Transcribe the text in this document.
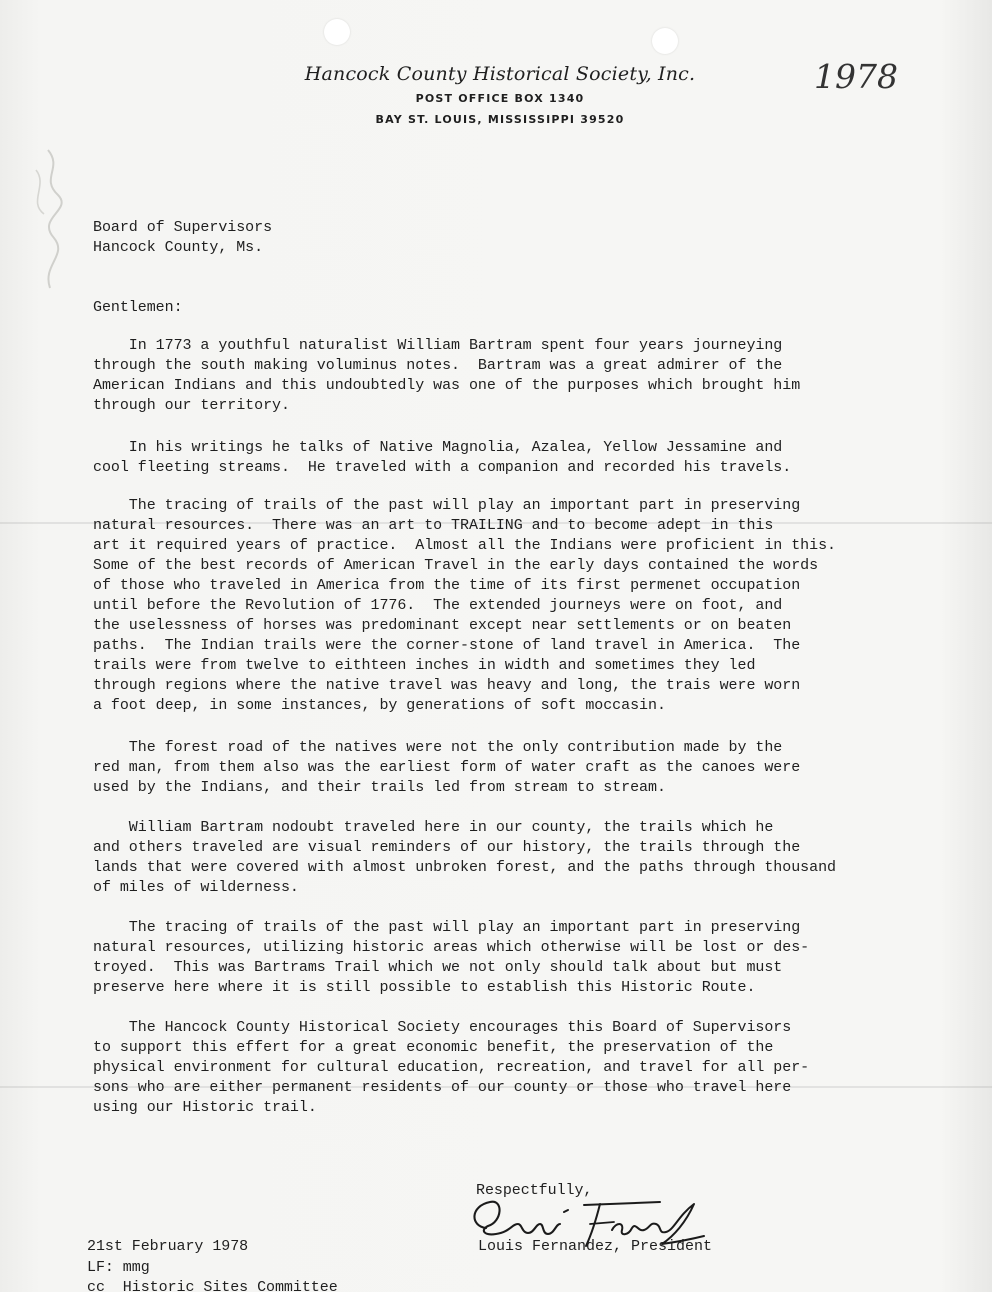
Hancock County Historical Society, Inc.
POST OFFICE BOX 1340
BAY ST. LOUIS, MISSISSIPPI 39520
1978
Board of Supervisors
Hancock County, Ms.
Gentlemen:
In 1773 a youthful naturalist William Bartram spent four years journeying
through the south making voluminus notes.  Bartram was a great admirer of the
American Indians and this undoubtedly was one of the purposes which brought him
through our territory.
In his writings he talks of Native Magnolia, Azalea, Yellow Jessamine and
cool fleeting streams.  He traveled with a companion and recorded his travels.
The tracing of trails of the past will play an important part in preserving
natural resources.  There was an art to TRAILING and to become adept in this
art it required years of practice.  Almost all the Indians were proficient in this.
Some of the best records of American Travel in the early days contained the words
of those who traveled in America from the time of its first permenet occupation
until before the Revolution of 1776.  The extended journeys were on foot, and
the uselessness of horses was predominant except near settlements or on beaten
paths.  The Indian trails were the corner-stone of land travel in America.  The
trails were from twelve to eithteen inches in width and sometimes they led
through regions where the native travel was heavy and long, the trais were worn
a foot deep, in some instances, by generations of soft moccasin.
The forest road of the natives were not the only contribution made by the
red man, from them also was the earliest form of water craft as the canoes were
used by the Indians, and their trails led from stream to stream.
William Bartram nodoubt traveled here in our county, the trails which he
and others traveled are visual reminders of our history, the trails through the
lands that were covered with almost unbroken forest, and the paths through thousand
of miles of wilderness.
The tracing of trails of the past will play an important part in preserving
natural resources, utilizing historic areas which otherwise will be lost or des-
troyed.  This was Bartrams Trail which we not only should talk about but must
preserve here where it is still possible to establish this Historic Route.
The Hancock County Historical Society encourages this Board of Supervisors
to support this effert for a great economic benefit, the preservation of the
physical environment for cultural education, recreation, and travel for all per-
sons who are either permanent residents of our county or those who travel here
using our Historic trail.
Respectfully,
Louis Fernandez, President
21st February 1978
LF: mmg
cc  Historic Sites Committee
